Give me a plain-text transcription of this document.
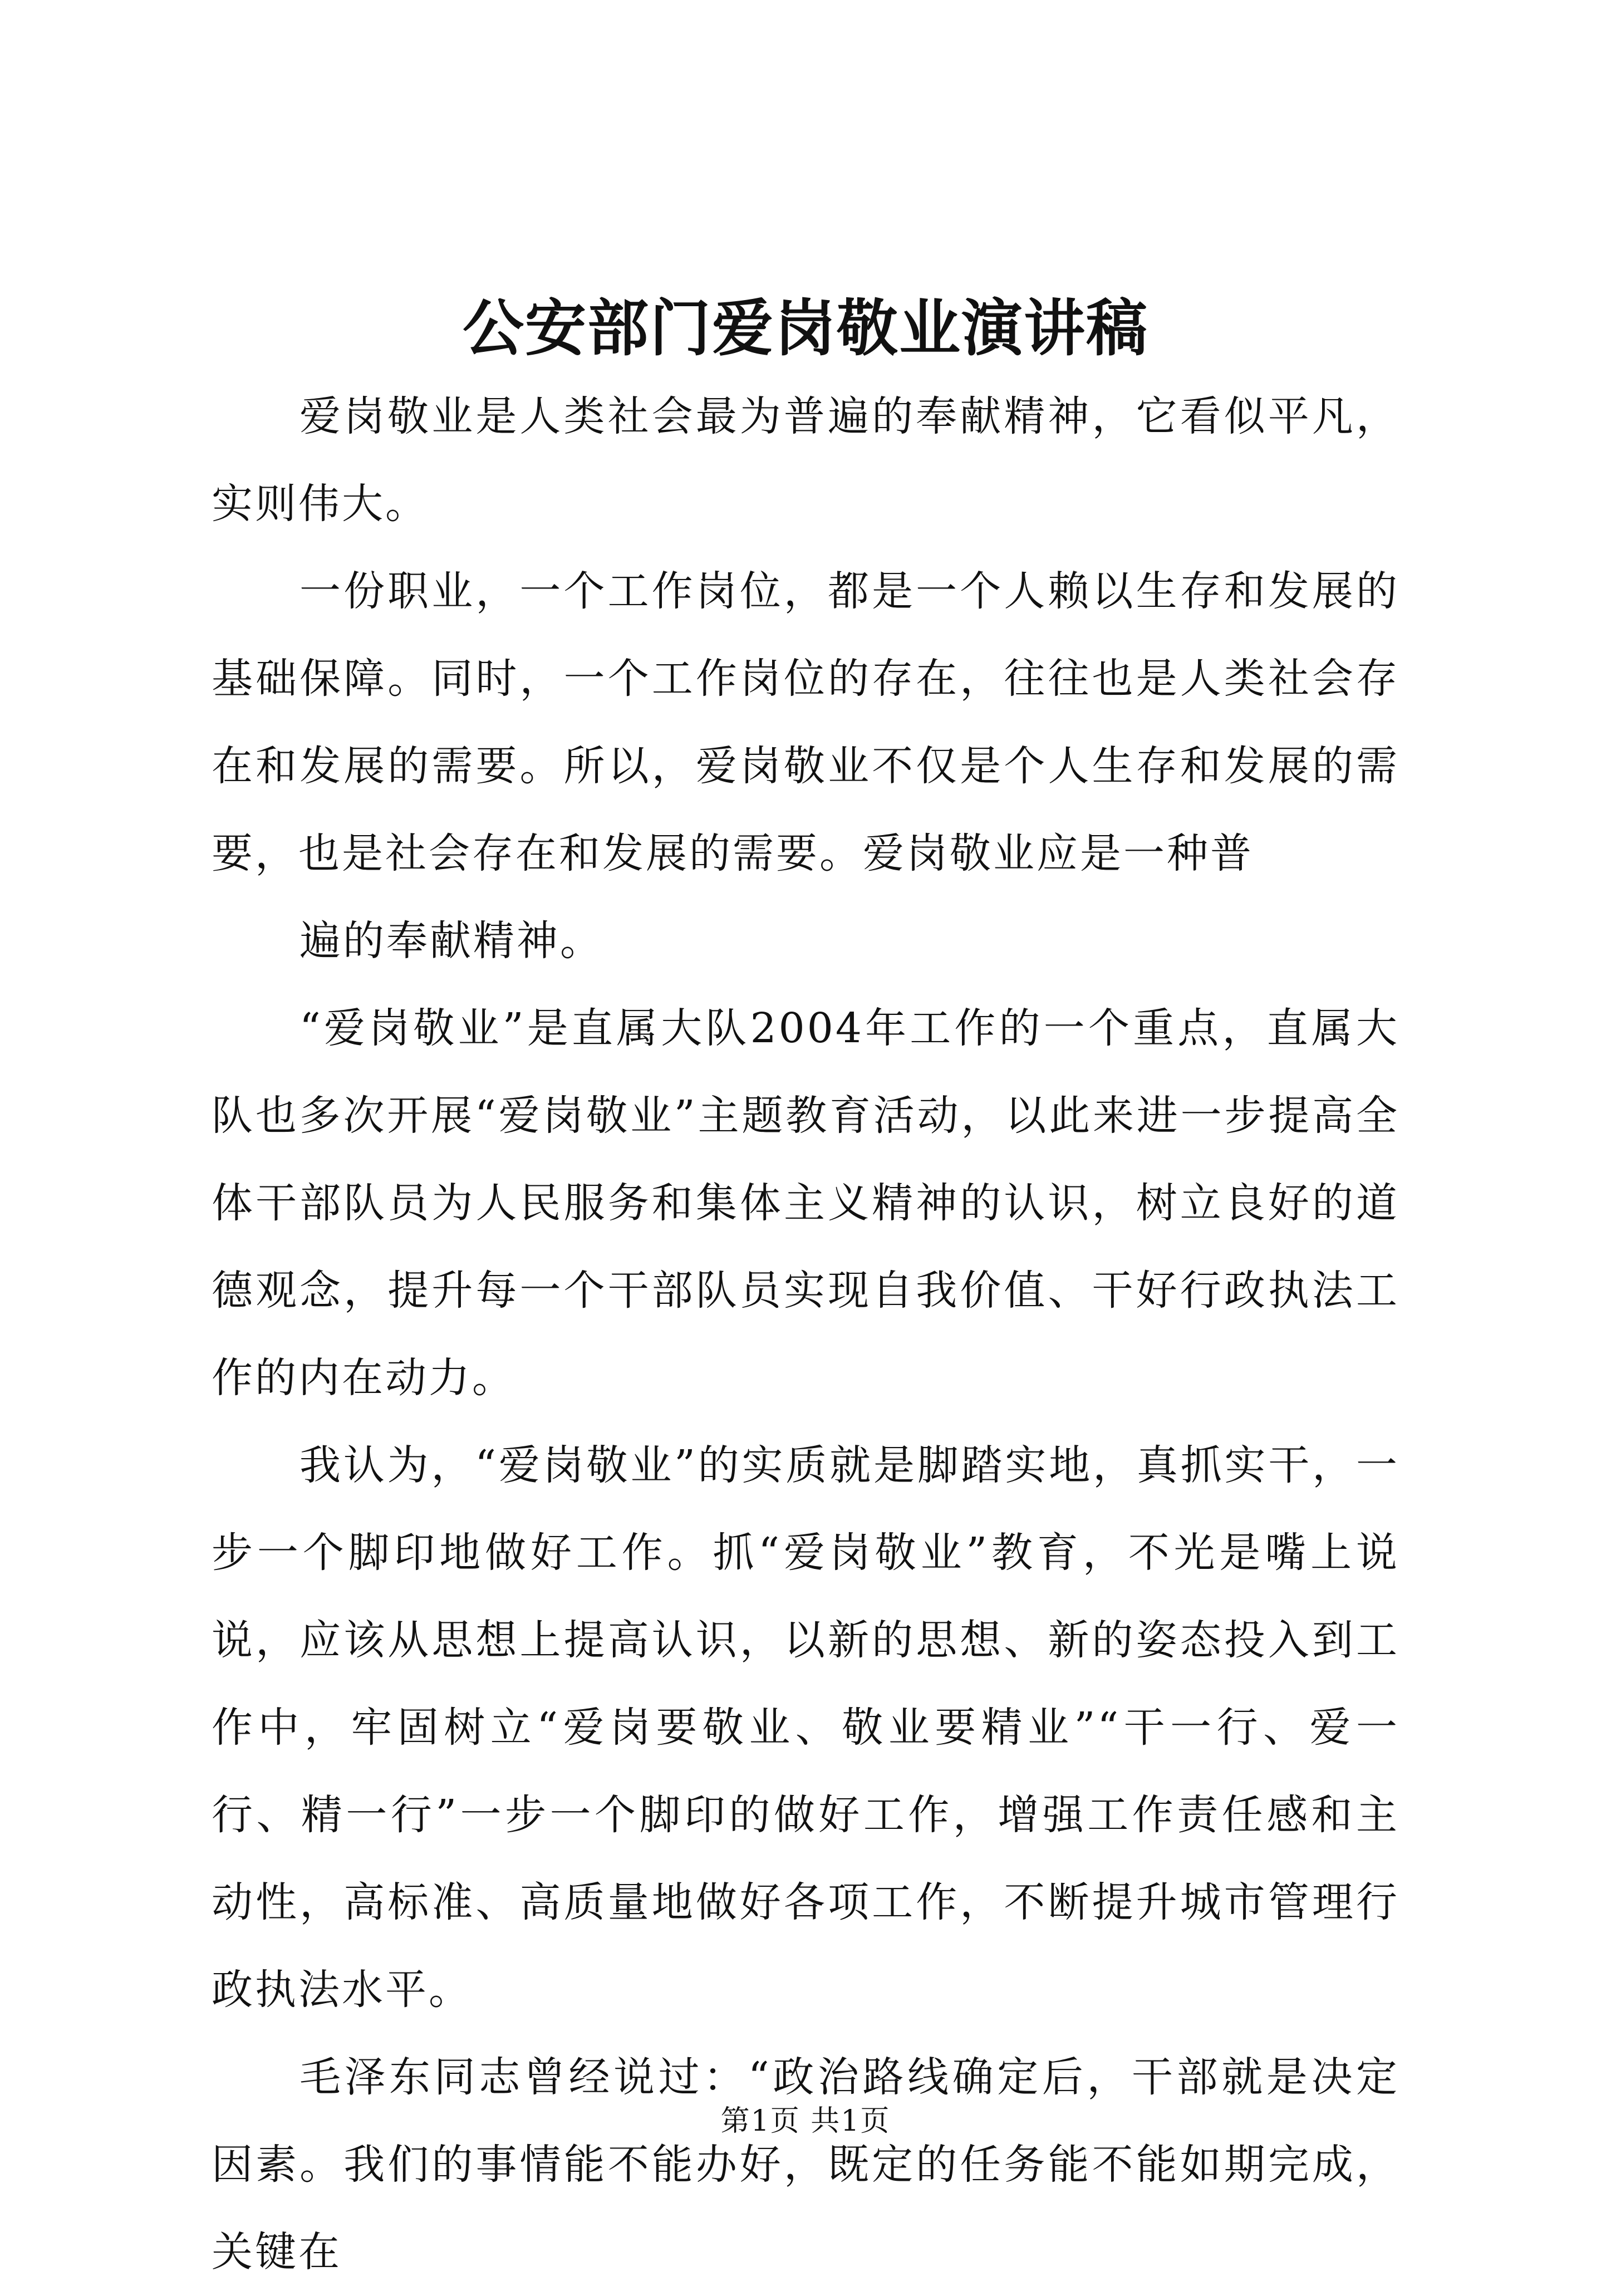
公安部门爱岗敬业演讲稿

爱岗敬业是人类社会最为普遍的奉献精神，它看似平凡，实则伟大。

一份职业，一个工作岗位，都是一个人赖以生存和发展的基础保障。同时，一个工作岗位的存在，往往也是人类社会存在和发展的需要。所以，爱岗敬业不仅是个人生存和发展的需要，也是社会存在和发展的需要。爱岗敬业应是一种普

遍的奉献精神。

“爱岗敬业”是直属大队2004年工作的一个重点，直属大队也多次开展“爱岗敬业”主题教育活动，以此来进一步提高全体干部队员为人民服务和集体主义精神的认识，树立良好的道德观念，提升每一个干部队员实现自我价值、干好行政执法工作的内在动力。

我认为，“爱岗敬业”的实质就是脚踏实地，真抓实干，一步一个脚印地做好工作。抓“爱岗敬业”教育，不光是嘴上说说，应该从思想上提高认识，以新的思想、新的姿态投入到工作中，牢固树立“爱岗要敬业、敬业要精业”“干一行、爱一行、精一行”一步一个脚印的做好工作，增强工作责任感和主动性，高标准、高质量地做好各项工作，不断提升城市管理行政执法水平。

毛泽东同志曾经说过：“政治路线确定后，干部就是决定因素。我们的事情能不能办好，既定的任务能不能如期完成，关键在

第1页 共1页
